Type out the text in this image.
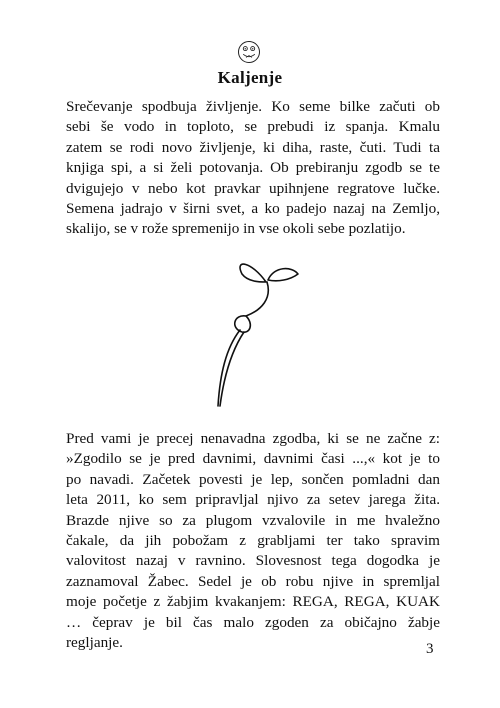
Kaljenje
Srečevanje spodbuja življenje. Ko seme bilke začuti ob
sebi še vodo in toploto, se prebudi iz spanja. Kmalu
zatem se rodi novo življenje, ki diha, raste, čuti. Tudi ta
knjiga spi, a si želi potovanja. Ob prebiranju zgodb se te
dvigujejo v nebo kot pravkar upihnjene regratove lučke.
Semena jadrajo v širni svet, a ko padejo nazaj na Zemljo,
skalijo, se v rože spremenijo in vse okoli sebe pozlatijo.
Pred vami je precej nenavadna zgodba, ki se ne začne z:
»Zgodilo se je pred davnimi, davnimi časi ...,« kot je to
po navadi. Začetek povesti je lep, sončen pomladni dan
leta 2011, ko sem pripravljal njivo za setev jarega žita.
Brazde njive so za plugom vzvalovile in me hvaležno
čakale, da jih pobožam z grabljami ter tako spravim
valovitost nazaj v ravnino. Slovesnost tega dogodka je
zaznamoval Žabec. Sedel je ob robu njive in spremljal
moje početje z žabjim kvakanjem: REGA, REGA, KUAK
… čeprav je bil čas malo zgoden za običajno žabje
regljanje.	3
